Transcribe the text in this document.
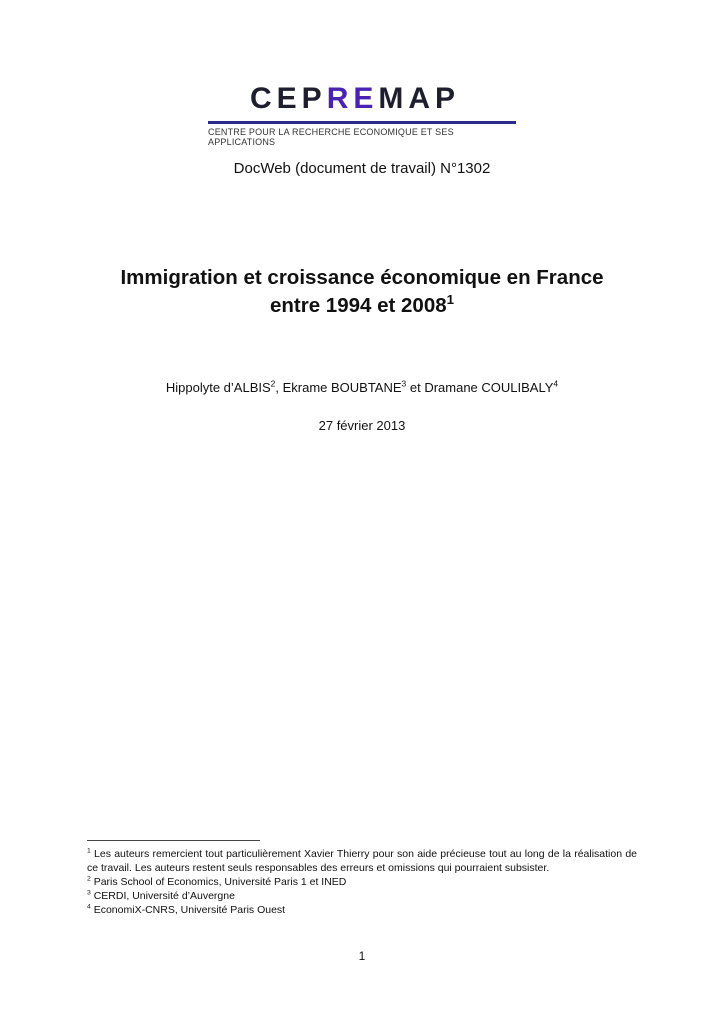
CEPREMAP
CENTRE POUR LA RECHERCHE ECONOMIQUE ET SES APPLICATIONS
DocWeb (document de travail) N°1302
Immigration et croissance économique en France
entre 1994 et 2008$^1$
Hippolyte d’ALBIS$^2$, Ekrame BOUBTANE$^3$ et Dramane COULIBALY$^4$
27 février 2013

$^1$ Les auteurs remercient tout particulièrement Xavier Thierry pour son aide précieuse tout au long de la réalisation de ce travail. Les auteurs restent seuls responsables des erreurs et omissions qui pourraient subsister.

$^2$ Paris School of Economics, Université Paris 1 et INED

$^3$ CERDI, Université d’Auvergne

$^4$ EconomiX-CNRS, Université Paris Ouest

1
